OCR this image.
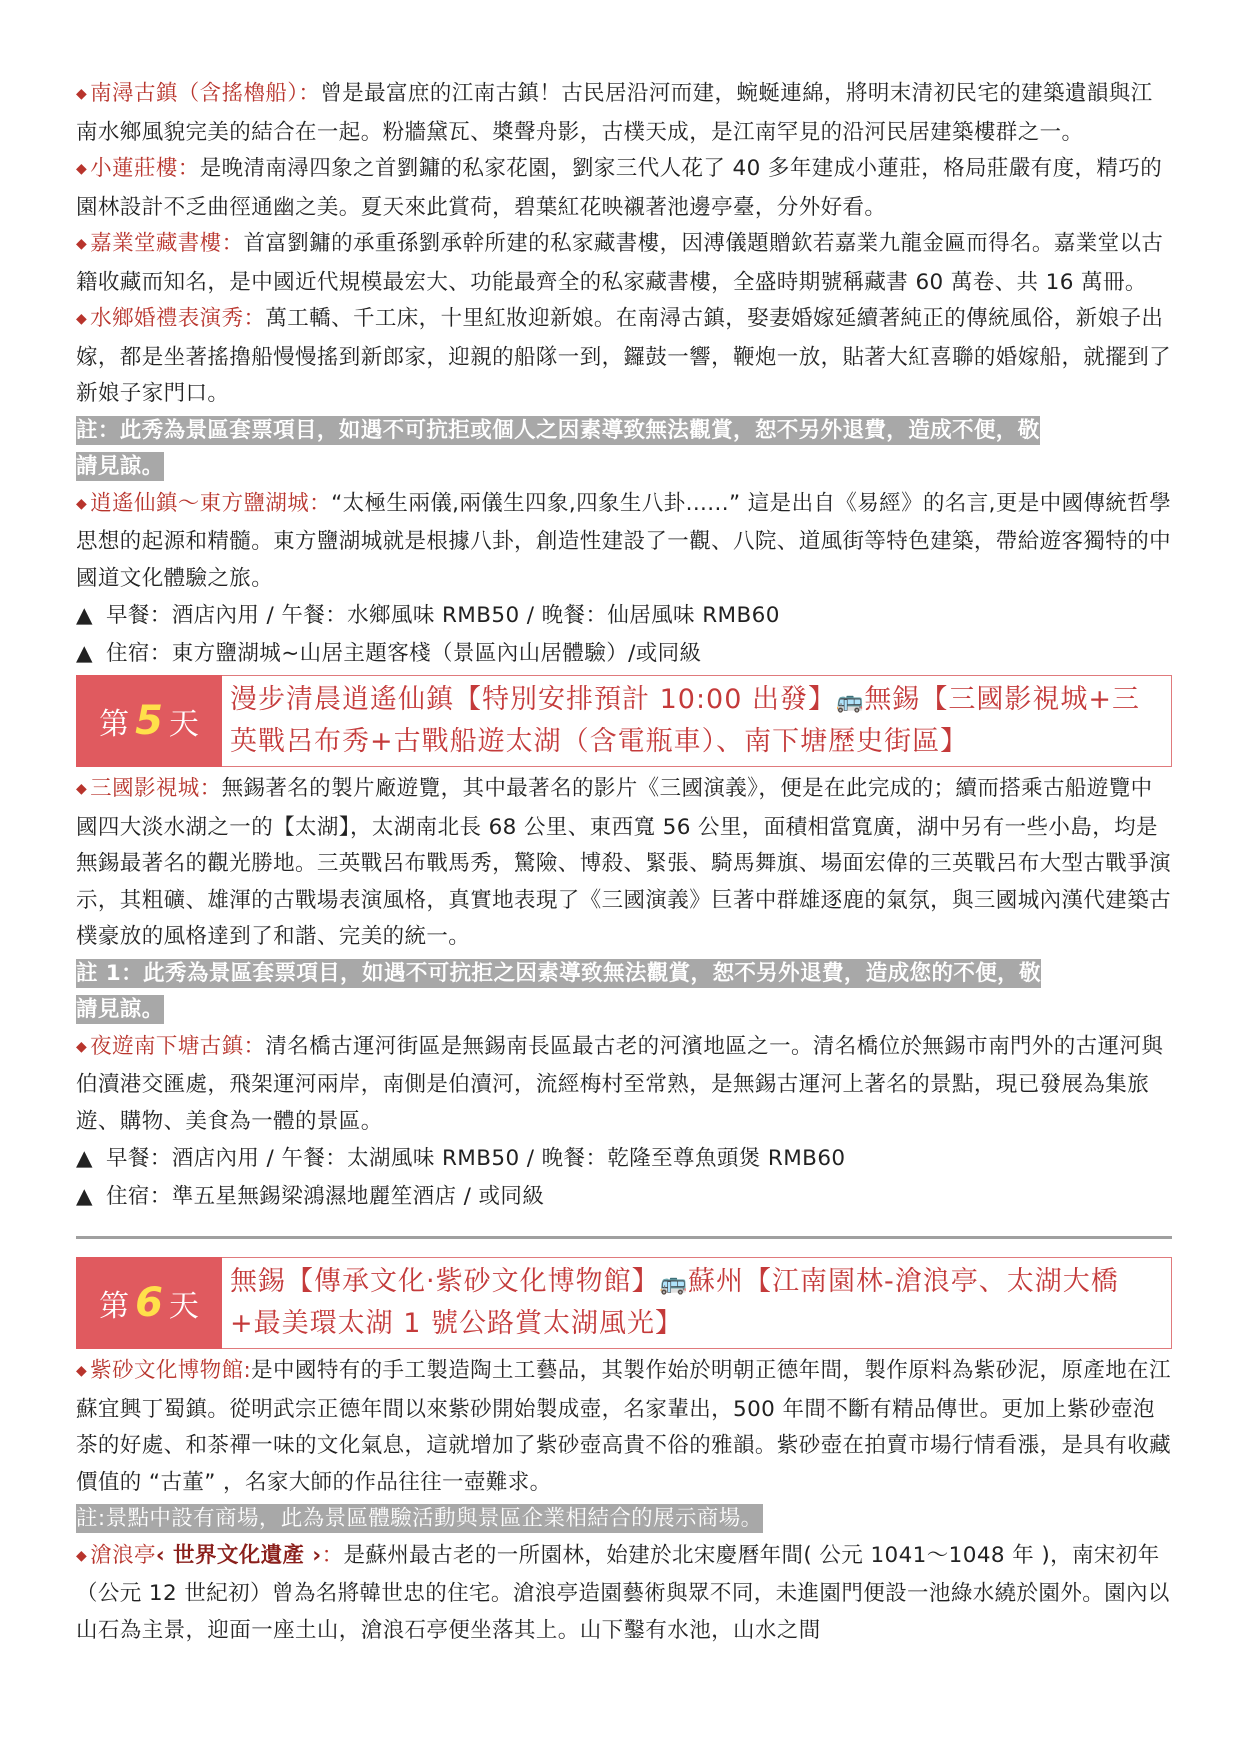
◆ 南潯古鎮（含搖櫓船）：曾是最富庶的江南古鎮！古民居沿河而建，蜿蜒連綿，將明末清初民宅的建築遺韻與江南水鄉風貌完美的結合在一起。粉牆黛瓦、槳聲舟影，古樸天成，是江南罕見的沿河民居建築樓群之一。

◆ 小蓮莊樓：是晚清南潯四象之首劉鏞的私家花園，劉家三代人花了 40 多年建成小蓮莊，格局莊嚴有度，精巧的園林設計不乏曲徑通幽之美。夏天來此賞荷，碧葉紅花映襯著池邊亭臺，分外好看。

◆ 嘉業堂藏書樓：首富劉鏞的承重孫劉承幹所建的私家藏書樓，因溥儀題贈欽若嘉業九龍金匾而得名。嘉業堂以古籍收藏而知名，是中國近代規模最宏大、功能最齊全的私家藏書樓，全盛時期號稱藏書 60 萬卷、共 16 萬冊。

◆ 水鄉婚禮表演秀：萬工轎、千工床，十里紅妝迎新娘。在南潯古鎮，娶妻婚嫁延續著純正的傳統風俗，新娘子出嫁，都是坐著搖擼船慢慢搖到新郎家，迎親的船隊一到，鑼鼓一響，鞭炮一放，貼著大紅喜聯的婚嫁船，就擺到了新娘子家門口。

註：此秀為景區套票項目，如遇不可抗拒或個人之因素導致無法觀賞，恕不另外退費，造成不便，敬
請見諒。

◆ 逍遙仙鎮～東方鹽湖城：“太極生兩儀,兩儀生四象,四象生八卦......” 這是出自《易經》的名言,更是中國傳統哲學思想的起源和精髓。東方鹽湖城就是根據八卦，創造性建設了一觀、八院、道風街等特色建築，帶給遊客獨特的中國道文化體驗之旅。

▲ 早餐：酒店內用 / 午餐：水鄉風味 RMB50 / 晚餐：仙居風味 RMB60

▲ 住宿：東方鹽湖城~山居主題客棧（景區內山居體驗）/或同級

第 5 天
漫步清晨逍遙仙鎮【特別安排預計 10:00 出發】🚌無錫【三國影視城+三英戰呂布秀+古戰船遊太湖（含電瓶車）、南下塘歷史街區】

◆ 三國影視城：無錫著名的製片廠遊覽，其中最著名的影片《三國演義》，便是在此完成的；續而搭乘古船遊覽中國四大淡水湖之一的【太湖】，太湖南北長 68 公里、東西寬 56 公里，面積相當寬廣，湖中另有一些小島，均是無錫最著名的觀光勝地。三英戰呂布戰馬秀，驚險、博殺、緊張、騎馬舞旗、場面宏偉的三英戰呂布大型古戰爭演示，其粗礦、雄渾的古戰場表演風格，真實地表現了《三國演義》巨著中群雄逐鹿的氣氛，與三國城內漢代建築古樸豪放的風格達到了和諧、完美的統一。

註 1：此秀為景區套票項目，如遇不可抗拒之因素導致無法觀賞，恕不另外退費，造成您的不便，敬
請見諒。

◆ 夜遊南下塘古鎮：清名橋古運河街區是無錫南長區最古老的河濱地區之一。清名橋位於無錫市南門外的古運河與伯瀆港交匯處，飛架運河兩岸，南側是伯瀆河，流經梅村至常熟，是無錫古運河上著名的景點，現已發展為集旅遊、購物、美食為一體的景區。

▲ 早餐：酒店內用 / 午餐：太湖風味 RMB50 / 晚餐：乾隆至尊魚頭煲 RMB60

▲ 住宿：準五星無錫梁鴻濕地麗笙酒店 / 或同級

第 6 天
無錫【傳承文化‧紫砂文化博物館】🚌蘇州【江南園林-滄浪亭、太湖大橋+最美環太湖 1 號公路賞太湖風光】

◆ 紫砂文化博物館:是中國特有的手工製造陶土工藝品，其製作始於明朝正德年間，製作原料為紫砂泥，原產地在江蘇宜興丁蜀鎮。從明武宗正德年間以來紫砂開始製成壺，名家輩出，500 年間不斷有精品傳世。更加上紫砂壺泡茶的好處、和茶禪一味的文化氣息，這就增加了紫砂壺高貴不俗的雅韻。紫砂壺在拍賣市場行情看漲，是具有收藏價值的 “古董” ，名家大師的作品往往一壺難求。

註:景點中設有商場，此為景區體驗活動與景區企業相結合的展示商場。

◆ 滄浪亭‹ 世界文化遺產 ›：是蘇州最古老的一所園林，始建於北宋慶曆年間( 公元 1041～1048 年 )，南宋初年（公元 12 世紀初）曾為名將韓世忠的住宅。滄浪亭造園藝術與眾不同，未進園門便設一池綠水繞於園外。園內以山石為主景，迎面一座土山，滄浪石亭便坐落其上。山下鑿有水池，山水之間
